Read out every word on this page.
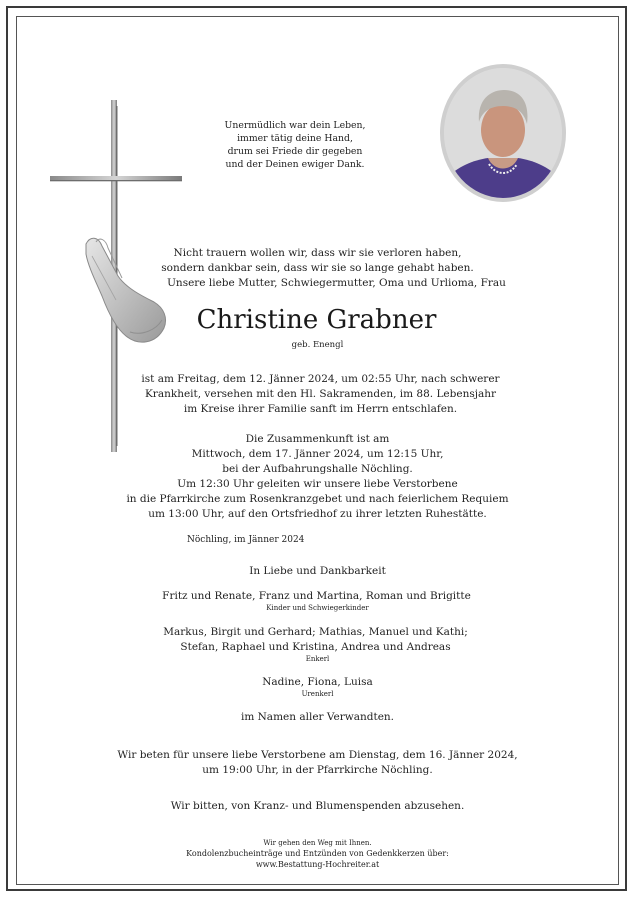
Unermüdlich war dein Leben,
immer tätig deine Hand,
drum sei Friede dir gegeben
und der Deinen ewiger Dank.
Nicht trauern wollen wir, dass wir sie verloren haben,
sondern dankbar sein, dass wir sie so lange gehabt haben.
Unsere liebe Mutter, Schwiegermutter, Oma und Urlioma, Frau
Christine Grabner
geb. Enengl
ist am Freitag, dem 12. Jänner 2024, um 02:55 Uhr, nach schwerer
Krankheit, versehen mit den Hl. Sakramenden, im 88. Lebensjahr
im Kreise ihrer Familie sanft im Herrn entschlafen.
Die Zusammenkunft ist am
Mittwoch, dem 17. Jänner 2024, um 12:15 Uhr,
bei der Aufbahrungshalle Nöchling.
Um 12:30 Uhr geleiten wir unsere liebe Verstorbene
in die Pfarrkirche zum Rosenkranzgebet und nach feierlichem Requiem
um 13:00 Uhr, auf den Ortsfriedhof zu ihrer letzten Ruhestätte.
Nöchling, im Jänner 2024
In Liebe und Dankbarkeit
Fritz und Renate, Franz und Martina, Roman und Brigitte
Kinder und Schwiegerkinder
Markus, Birgit und Gerhard; Mathias, Manuel und Kathi;
Stefan, Raphael und Kristina, Andrea und Andreas
Enkerl
Nadine, Fiona, Luisa
Urenkerl
im Namen aller Verwandten.
Wir beten für unsere liebe Verstorbene am Dienstag, dem 16. Jänner 2024,
um 19:00 Uhr, in der Pfarrkirche Nöchling.
Wir bitten, von Kranz- und Blumenspenden abzusehen.
Wir gehen den Weg mit Ihnen.
Kondolenzbucheinträge und Entzünden von Gedenkkerzen über:
www.Bestattung-Hochreiter.at
